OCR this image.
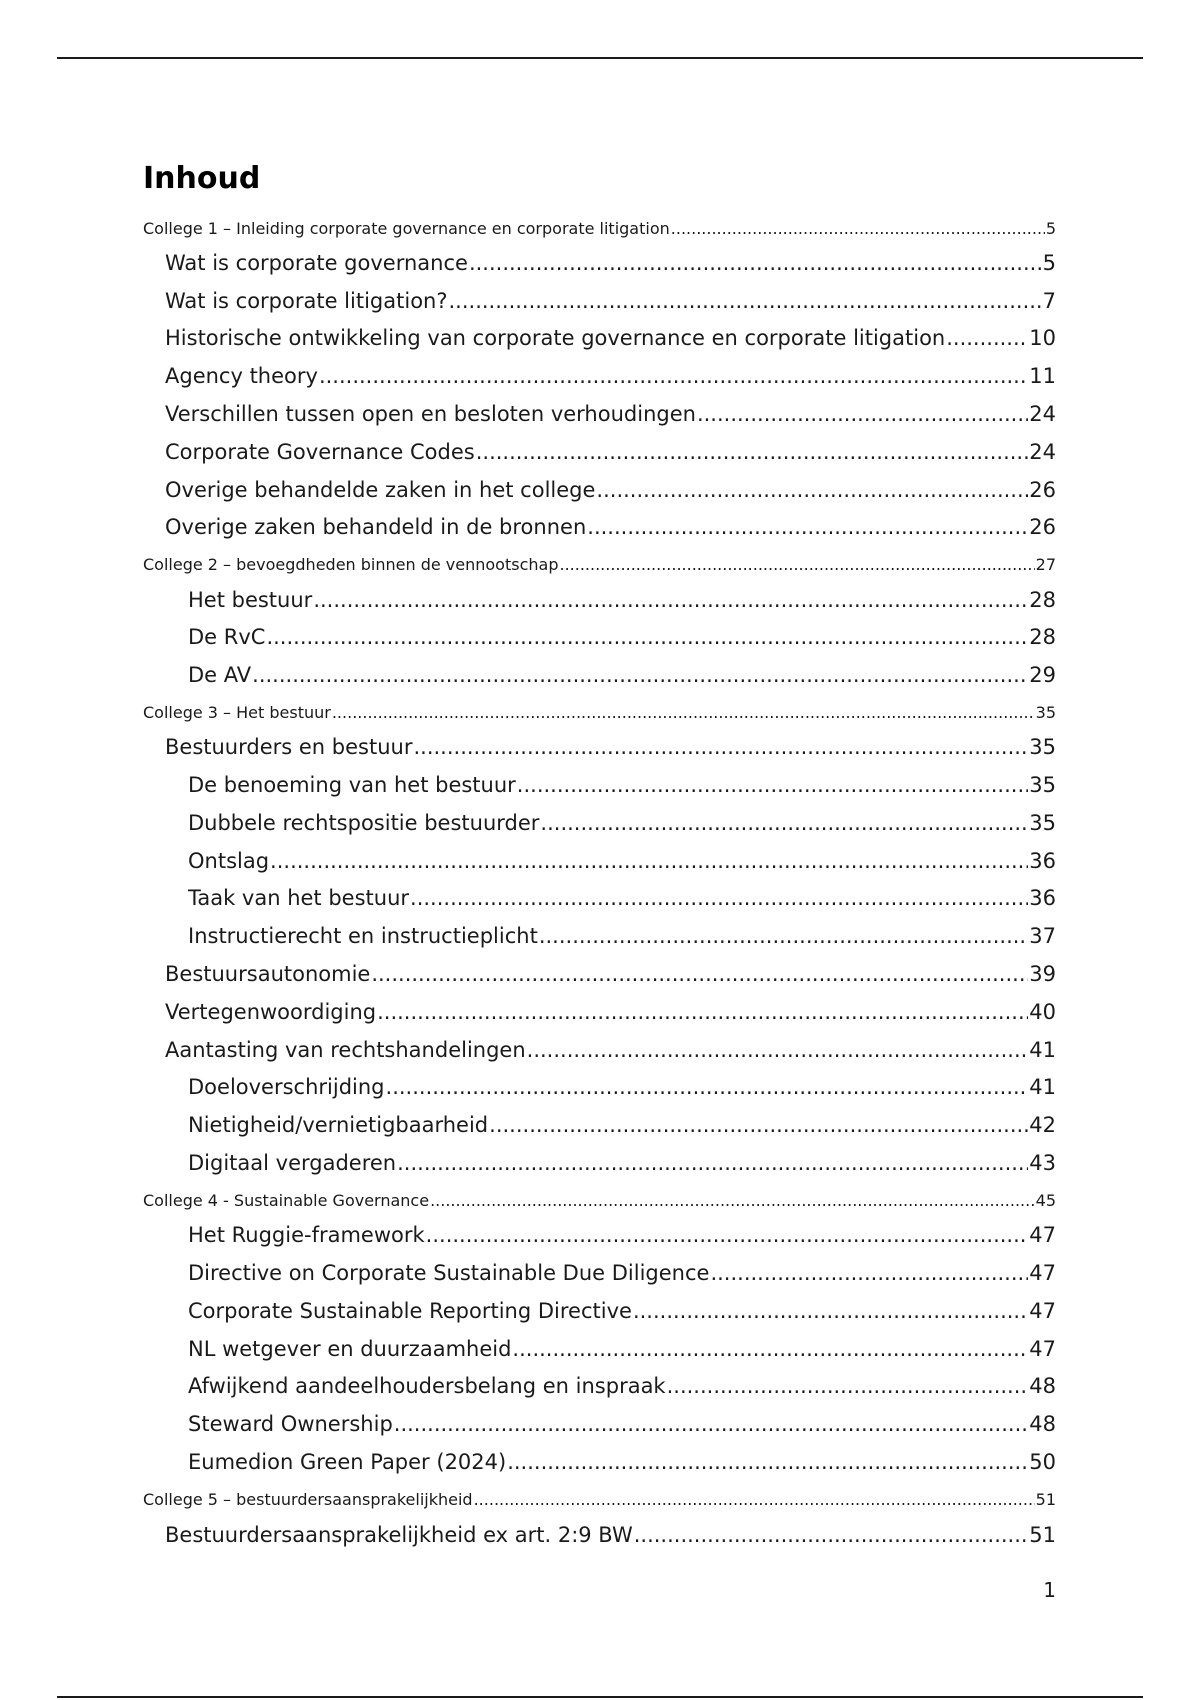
Inhoud
College 1 – Inleiding corporate governance en corporate litigation .....	5
Wat is corporate governance .....	5
Wat is corporate litigation? .....	7
Historische ontwikkeling van corporate governance en corporate litigation .....	10
Agency theory .....	11
Verschillen tussen open en besloten verhoudingen .....	24
Corporate Governance Codes .....	24
Overige behandelde zaken in het college .....	26
Overige zaken behandeld in de bronnen .....	26
College 2 – bevoegdheden binnen de vennootschap .....	27
Het bestuur .....	28
De RvC .....	28
De AV .....	29
College 3 – Het bestuur .....	35
Bestuurders en bestuur .....	35
De benoeming van het bestuur .....	35
Dubbele rechtspositie bestuurder .....	35
Ontslag .....	36
Taak van het bestuur .....	36
Instructierecht en instructieplicht .....	37
Bestuursautonomie .....	39
Vertegenwoordiging .....	40
Aantasting van rechtshandelingen .....	41
Doeloverschrijding .....	41
Nietigheid/vernietigbaarheid .....	42
Digitaal vergaderen .....	43
College 4 - Sustainable Governance .....	45
Het Ruggie-framework .....	47
Directive on Corporate Sustainable Due Diligence .....	47
Corporate Sustainable Reporting Directive .....	47
NL wetgever en duurzaamheid .....	47
Afwijkend aandeelhoudersbelang en inspraak .....	48
Steward Ownership .....	48
Eumedion Green Paper (2024) .....	50
College 5 – bestuurdersaansprakelijkheid .....	51
Bestuurdersaansprakelijkheid ex art. 2:9 BW .....	51
1
